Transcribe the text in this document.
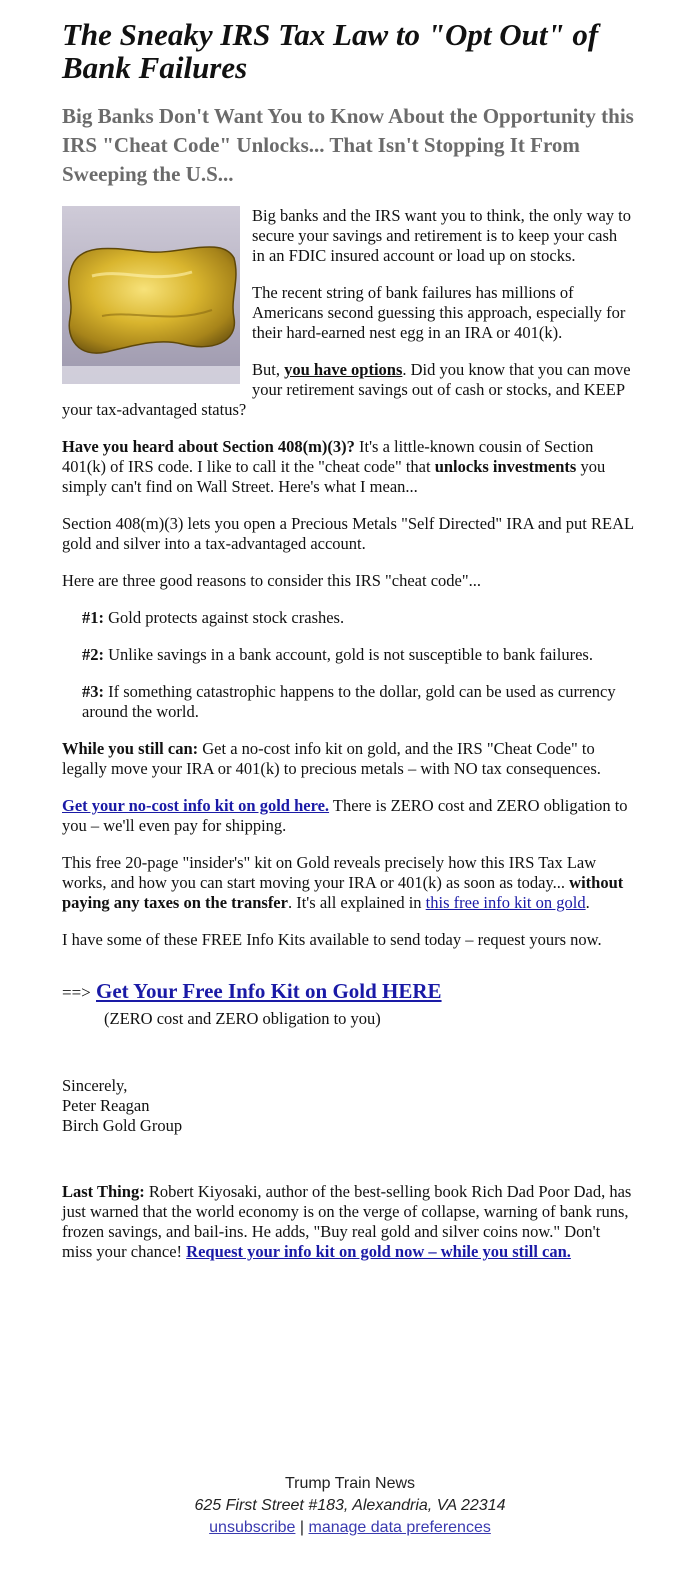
The Sneaky IRS Tax Law to "Opt Out" of Bank Failures
Big Banks Don't Want You to Know About the Opportunity this IRS "Cheat Code" Unlocks... That Isn't Stopping It From Sweeping the U.S...

Big banks and the IRS want you to think, the only way to secure your savings and retirement is to keep your cash in an FDIC insured account or load up on stocks.

The recent string of bank failures has millions of Americans second guessing this approach, especially for their hard-earned nest egg in an IRA or 401(k).

But, you have options. Did you know that you can move your retirement savings out of cash or stocks, and KEEP your tax-advantaged status?

Have you heard about Section 408(m)(3)? It's a little-known cousin of Section 401(k) of IRS code. I like to call it the "cheat code" that unlocks investments you simply can't find on Wall Street. Here's what I mean...

Section 408(m)(3) lets you open a Precious Metals "Self Directed" IRA and put REAL gold and silver into a tax-advantaged account.

Here are three good reasons to consider this IRS "cheat code"...

#1: Gold protects against stock crashes.

#2: Unlike savings in a bank account, gold is not susceptible to bank failures.

#3: If something catastrophic happens to the dollar, gold can be used as currency around the world.

While you still can: Get a no-cost info kit on gold, and the IRS "Cheat Code" to legally move your IRA or 401(k) to precious metals – with NO tax consequences.

Get your no-cost info kit on gold here. There is ZERO cost and ZERO obligation to you – we'll even pay for shipping.

This free 20-page "insider's" kit on Gold reveals precisely how this IRS Tax Law works, and how you can start moving your IRA or 401(k) as soon as today... without paying any taxes on the transfer. It's all explained in this free info kit on gold.

I have some of these FREE Info Kits available to send today – request yours now.

==> Get Your Free Info Kit on Gold HERE
(ZERO cost and ZERO obligation to you)
Sincerely,
Peter Reagan
Birch Gold Group

Last Thing: Robert Kiyosaki, author of the best-selling book Rich Dad Poor Dad, has just warned that the world economy is on the verge of collapse, warning of bank runs, frozen savings, and bail-ins. He adds, "Buy real gold and silver coins now." Don't miss your chance! Request your info kit on gold now – while you still can.

Trump Train News
625 First Street #183, Alexandria, VA 22314
unsubscribe | manage data preferences
